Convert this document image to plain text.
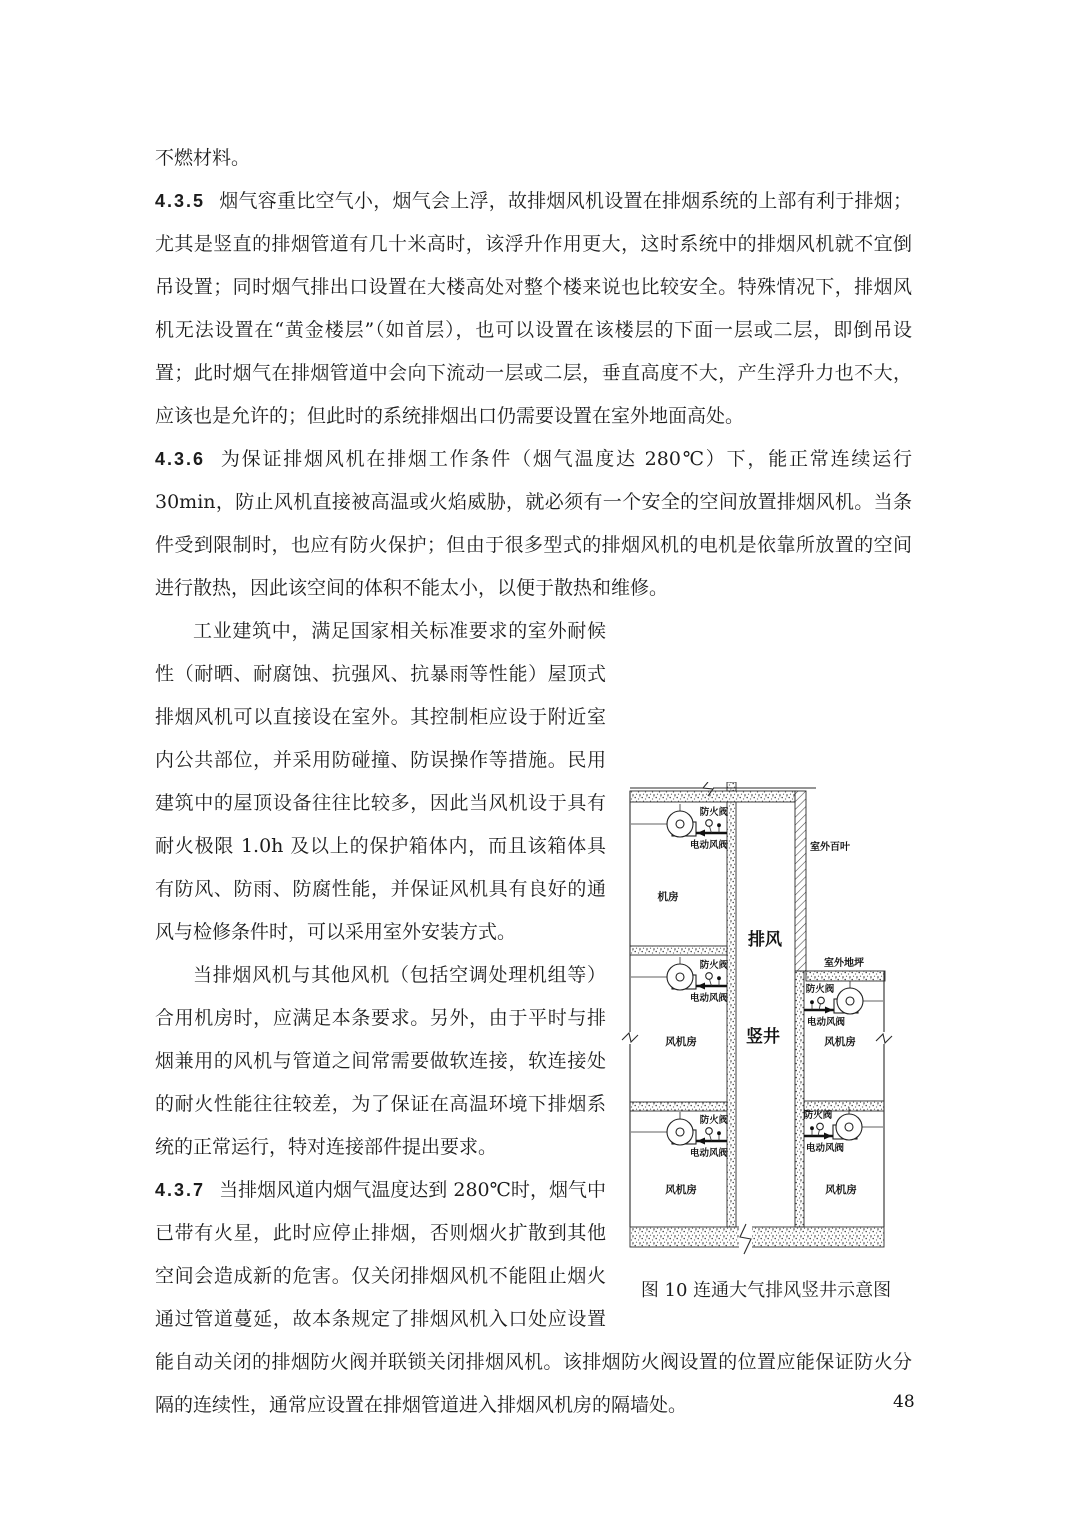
不燃材料。
4.3.5 烟气容重比空气小，烟气会上浮，故排烟风机设置在排烟系统的上部有利于排烟；尤其是竖直的排烟管道有几十米高时，该浮升作用更大，这时系统中的排烟风机就不宜倒吊设置；同时烟气排出口设置在大楼高处对整个楼来说也比较安全。特殊情况下，排烟风机无法设置在“黄金楼层”（如首层），也可以设置在该楼层的下面一层或二层，即倒吊设置；此时烟气在排烟管道中会向下流动一层或二层，垂直高度不大，产生浮升力也不大，应该也是允许的；但此时的系统排烟出口仍需要设置在室外地面高处。
4.3.6 为保证排烟风机在排烟工作条件（烟气温度达 280℃）下，能正常连续运行 30min，防止风机直接被高温或火焰威胁，就必须有一个安全的空间放置排烟风机。当条件受到限制时，也应有防火保护；但由于很多型式的排烟风机的电机是依靠所放置的空间进行散热，因此该空间的体积不能太小，以便于散热和维修。
防火阀
电动风阀
防火阀
电动风阀
防火阀
电动风阀
防火阀
电动风阀
防火阀
电动风阀
机房
风机房
风机房
风机房
风机房
排风
竖井
室外百叶
室外地坪
图 10 连通大气排风竖井示意图
工业建筑中，满足国家相关标准要求的室外耐候性（耐晒、耐腐蚀、抗强风、抗暴雨等性能）屋顶式排烟风机可以直接设在室外。其控制柜应设于附近室内公共部位，并采用防碰撞、防误操作等措施。民用建筑中的屋顶设备往往比较多，因此当风机设于具有耐火极限 1.0h 及以上的保护箱体内，而且该箱体具有防风、防雨、防腐性能，并保证风机具有良好的通风与检修条件时，可以采用室外安装方式。
当排烟风机与其他风机（包括空调处理机组等）合用机房时，应满足本条要求。另外，由于平时与排烟兼用的风机与管道之间常需要做软连接，软连接处的耐火性能往往较差，为了保证在高温环境下排烟系统的正常运行，特对连接部件提出要求。
4.3.7 当排烟风道内烟气温度达到 280℃时，烟气中已带有火星，此时应停止排烟，否则烟火扩散到其他空间会造成新的危害。仅关闭排烟风机不能阻止烟火通过管道蔓延，故本条规定了排烟风机入口处应设置能自动关闭的排烟防火阀并联锁关闭排烟风机。该排烟防火阀设置的位置应能保证防火分隔的连续性，通常应设置在排烟管道进入排烟风机房的隔墙处。	48
